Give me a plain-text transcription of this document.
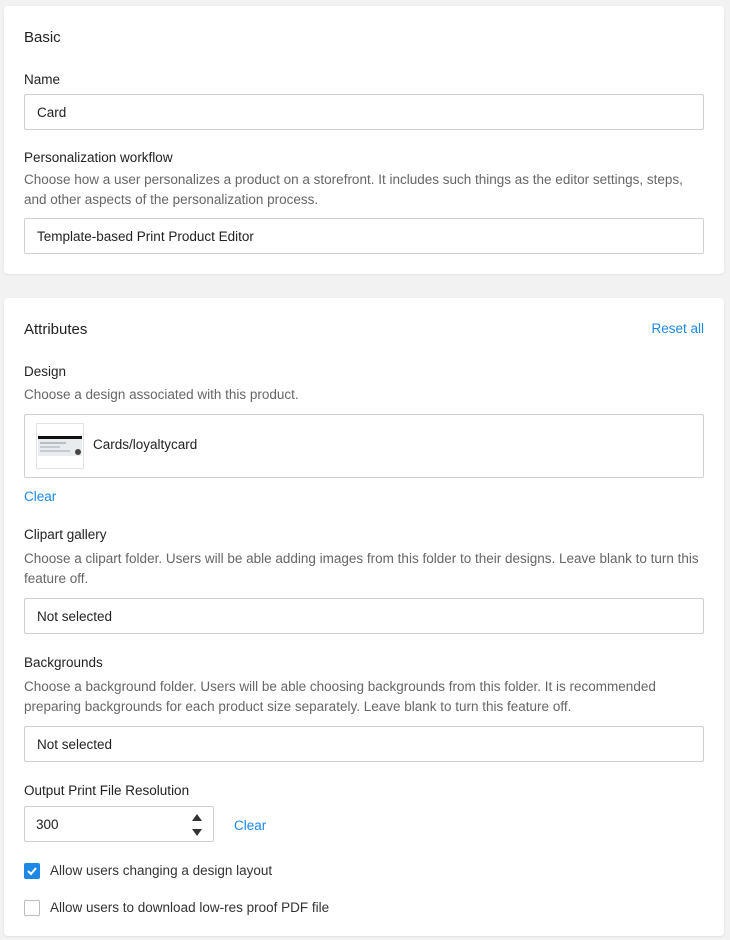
Basic
Name
Card
Personalization workflow
Choose how a user personalizes a product on a storefront. It includes such things as the editor settings, steps, and other aspects of the personalization process.
Template-based Print Product Editor
Attributes	Reset all
Design
Choose a design associated with this product.
Cards/loyaltycard
Clear
Clipart gallery
Choose a clipart folder. Users will be able adding images from this folder to their designs. Leave blank to turn this feature off.
Not selected
Backgrounds
Choose a background folder. Users will be able choosing backgrounds from this folder. It is recommended preparing backgrounds for each product size separately. Leave blank to turn this feature off.
Not selected
Output Print File Resolution
300	Clear
Allow users changing a design layout
Allow users to download low-res proof PDF file
